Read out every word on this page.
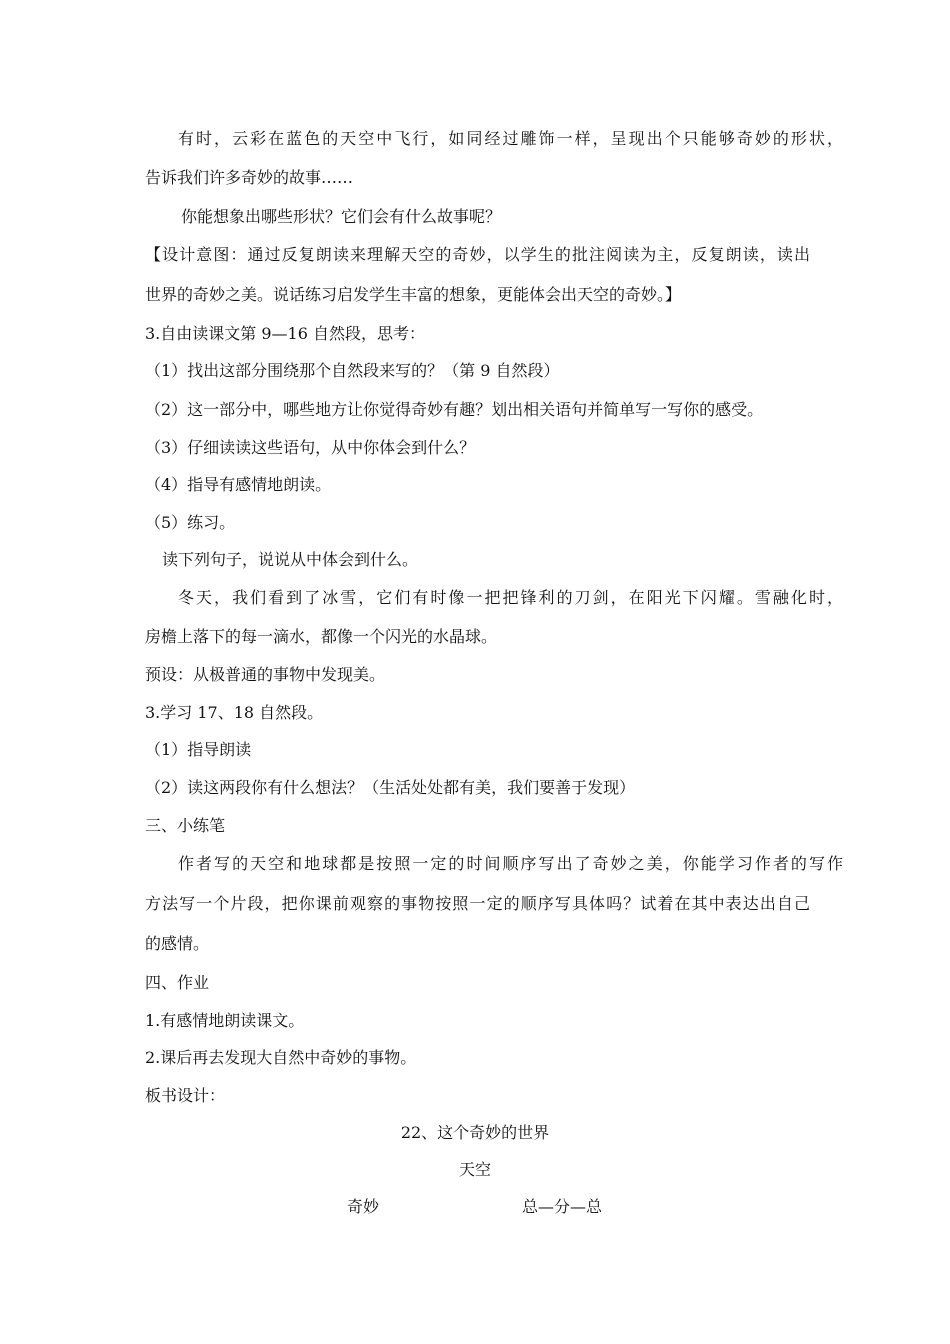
有时，云彩在蓝色的天空中飞行，如同经过雕饰一样，呈现出个只能够奇妙的形状，
告诉我们许多奇妙的故事……
你能想象出哪些形状？它们会有什么故事呢？
【设计意图：通过反复朗读来理解天空的奇妙，以学生的批注阅读为主，反复朗读，读出
世界的奇妙之美。说话练习启发学生丰富的想象，更能体会出天空的奇妙。】
3.自由读课文第 9—16 自然段，思考：
（1）找出这部分围绕那个自然段来写的？（第 9 自然段）
（2）这一部分中，哪些地方让你觉得奇妙有趣？划出相关语句并简单写一写你的感受。
（3）仔细读读这些语句，从中你体会到什么？
（4）指导有感情地朗读。
（5）练习。
读下列句子，说说从中体会到什么。
冬天，我们看到了冰雪，它们有时像一把把锋利的刀剑，在阳光下闪耀。雪融化时，
房檐上落下的每一滴水，都像一个闪光的水晶球。
预设：从极普通的事物中发现美。
3.学习 17、18 自然段。
（1）指导朗读
（2）读这两段你有什么想法？（生活处处都有美，我们要善于发现）
三、小练笔
作者写的天空和地球都是按照一定的时间顺序写出了奇妙之美，你能学习作者的写作
方法写一个片段，把你课前观察的事物按照一定的顺序写具体吗？试着在其中表达出自己
的感情。
四、作业
1.有感情地朗读课文。
2.课后再去发现大自然中奇妙的事物。
板书设计：
22、这个奇妙的世界
天空
奇妙	总—分—总
